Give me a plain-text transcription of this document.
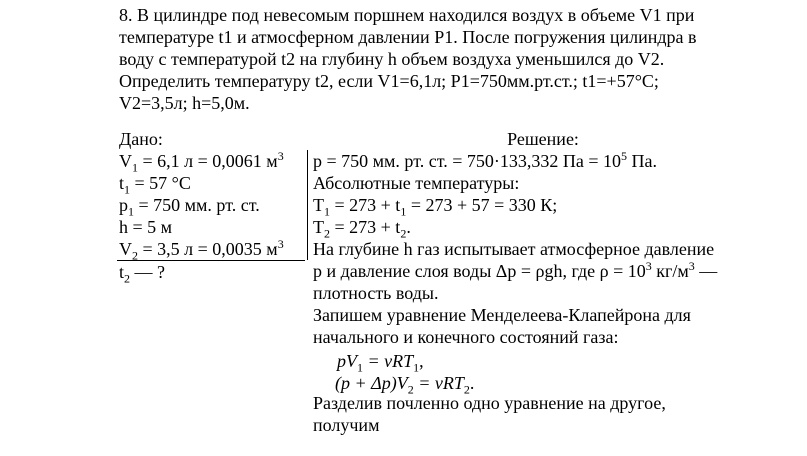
8. В цилиндре под невесомым поршнем находился воздух в объеме V1 при
температуре t1 и атмосферном давлении P1. После погружения цилиндра в
воду с температурой t2 на глубину h объем воздуха уменьшился до V2.
Определить температуру t2, если V1=6,1л; P1=750мм.рт.ст.; t1=+57°С;
V2=3,5л; h=5,0м.
Дано:
$V_1 = 6,1$ л = 0,0061 $м^3$
$t_1 = 57$ °С
$p_1 = 750$ мм. рт. ст.
h = 5 м
$V_2 = 3,5$ л = 0,0035 $м^3$
$t_2$ — ?
Решение:
p = 750 мм. рт. ст. = 750·133,332 Па = $10^5$ Па.
Абсолютные температуры:
$T_1 = 273 + t_1 = 273 + 57 = 330$ К;
$T_2 = 273 + t_2$.
На глубине h газ испытывает атмосферное давление
p и давление слоя воды Δp = ρgh, где $\rho = 10^3$ $кг/м^3$ —
плотность воды.
Запишем уравнение Менделеева-Клапейрона для
начального и конечного состояний газа:
$pV_1 = \nu RT_1$,
$(p + \Delta p)V_2 = \nu RT_2$.
Разделив почленно одно уравнение на другое,
получим
